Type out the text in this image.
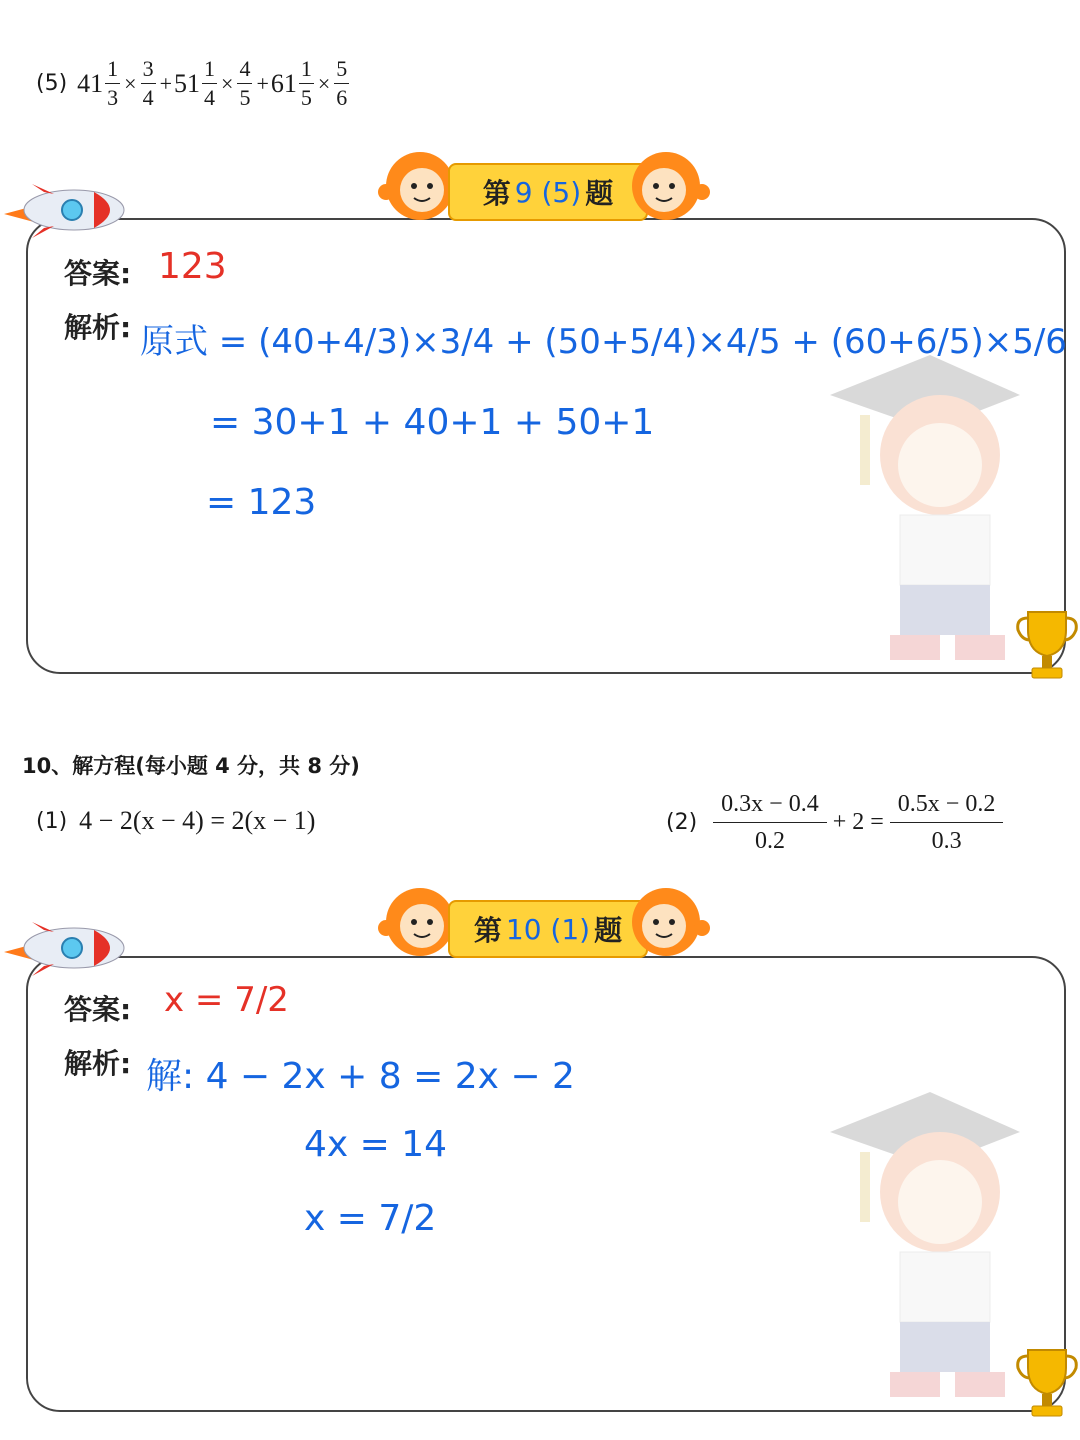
(5) $41 \frac{1}{3} \times \frac{3}{4} + 51 \frac{1}{4} \times \frac{4}{5} + 61 \frac{1}{5} \times \frac{5}{6}$
第 9 (5) 题
答案: 123
解析: 原式 = (40+4/3)×3/4 + (50+5/4)×4/5 + (60+6/5)×5/6
= 30+1 + 40+1 + 50+1
= 123
10、解方程(每小题 4 分，共 8 分)
(1) 4 − 2(x − 4) = 2(x − 1)	$(2) \frac{0.3x - 0.4}{0.2} + 2 = \frac{0.5x - 0.2}{0.3}$
第 10 (1) 题
答案: x = 7/2
解析: 解: 4 − 2x + 8 = 2x − 2
4x = 14
x = 7/2
